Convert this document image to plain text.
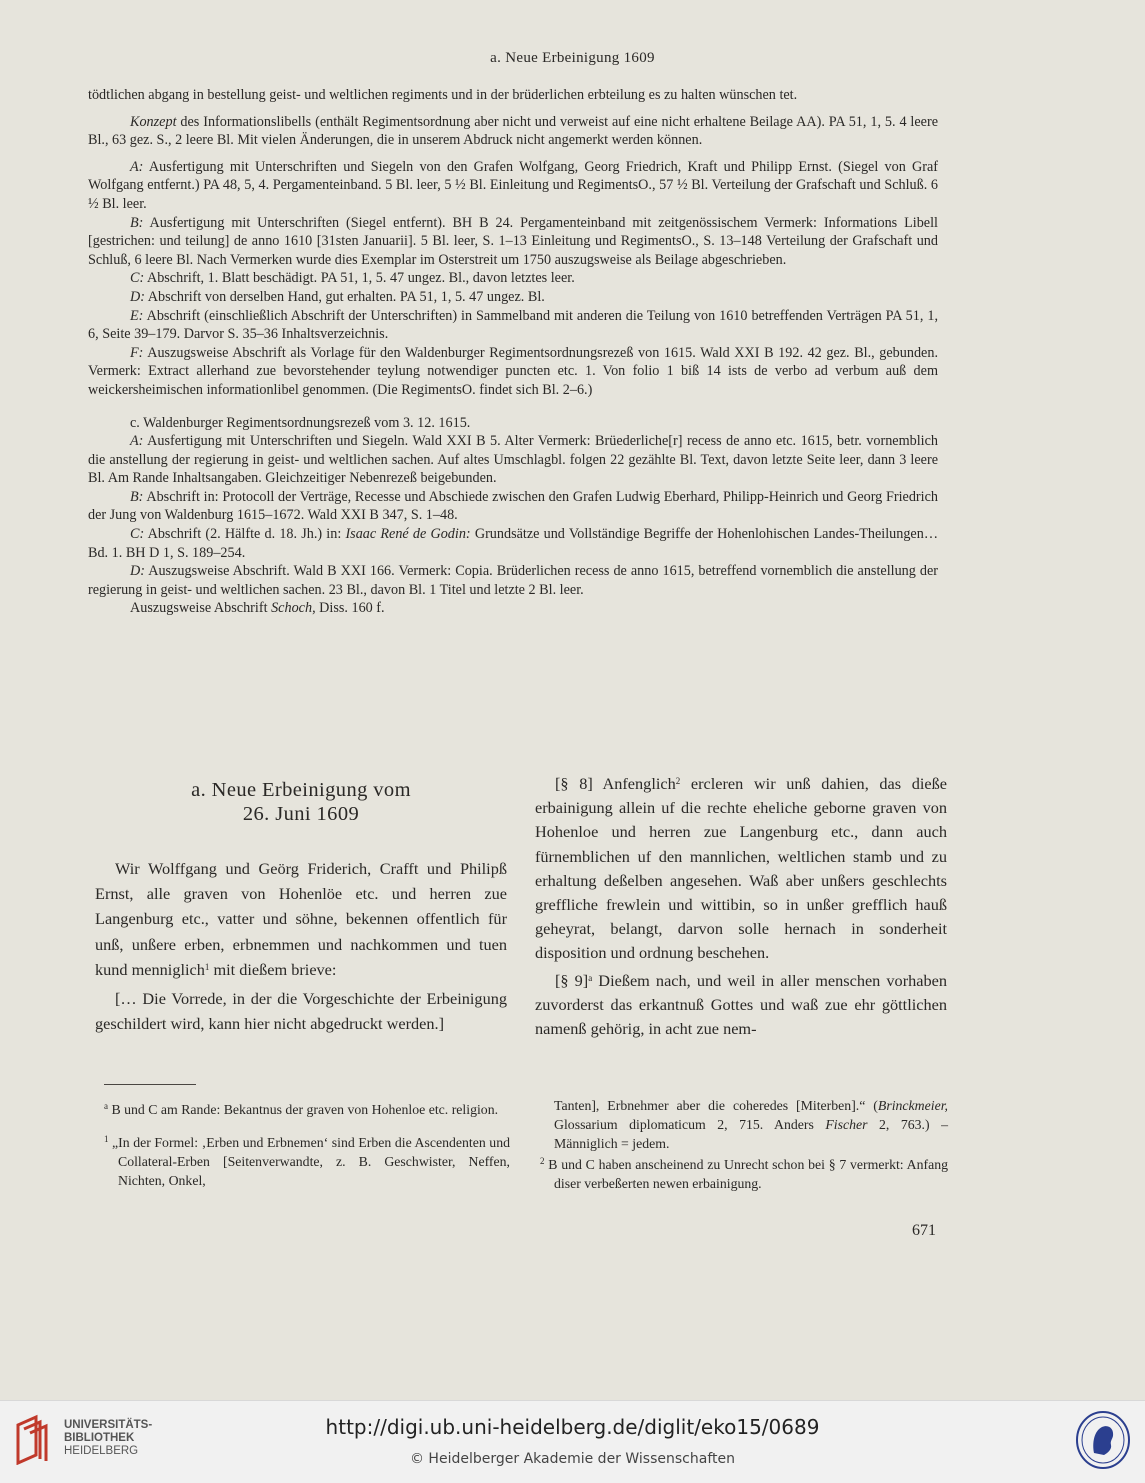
a. Neue Erbeinigung 1609

tödtlichen abgang in bestellung geist- und weltlichen regiments und in der brüderlichen erbteilung es zu halten wünschen tet.

Konzept des Informationslibells (enthält Regimentsordnung aber nicht und verweist auf eine nicht erhaltene Beilage AA). PA 51, 1, 5. 4 leere Bl., 63 gez. S., 2 leere Bl. Mit vielen Änderungen, die in unserem Abdruck nicht angemerkt werden können.

A: Ausfertigung mit Unterschriften und Siegeln von den Grafen Wolfgang, Georg Friedrich, Kraft und Philipp Ernst. (Siegel von Graf Wolfgang entfernt.) PA 48, 5, 4. Pergamenteinband. 5 Bl. leer, 5 ½ Bl. Einleitung und RegimentsO., 57 ½ Bl. Verteilung der Grafschaft und Schluß. 6 ½ Bl. leer.

B: Ausfertigung mit Unterschriften (Siegel entfernt). BH B 24. Pergamenteinband mit zeitgenössischem Vermerk: Informations Libell [gestrichen: und teilung] de anno 1610 [31sten Januarii]. 5 Bl. leer, S. 1–13 Einleitung und RegimentsO., S. 13–148 Verteilung der Grafschaft und Schluß, 6 leere Bl. Nach Vermerken wurde dies Exemplar im Osterstreit um 1750 auszugsweise als Beilage abgeschrieben.

C: Abschrift, 1. Blatt beschädigt. PA 51, 1, 5. 47 ungez. Bl., davon letztes leer.

D: Abschrift von derselben Hand, gut erhalten. PA 51, 1, 5. 47 ungez. Bl.

E: Abschrift (einschließlich Abschrift der Unterschriften) in Sammelband mit anderen die Teilung von 1610 betreffenden Verträgen PA 51, 1, 6, Seite 39–179. Darvor S. 35–36 Inhaltsverzeichnis.

F: Auszugsweise Abschrift als Vorlage für den Waldenburger Regimentsordnungsrezeß von 1615. Wald XXI B 192. 42 gez. Bl., gebunden. Vermerk: Extract allerhand zue bevorstehender teylung notwendiger puncten etc. 1. Von folio 1 biß 14 ists de verbo ad verbum auß dem weickersheimischen informationlibel genommen. (Die RegimentsO. findet sich Bl. 2–6.)

c. Waldenburger Regimentsordnungsrezeß vom 3. 12. 1615.

A: Ausfertigung mit Unterschriften und Siegeln. Wald XXI B 5. Alter Vermerk: Brüederliche[r] recess de anno etc. 1615, betr. vornemblich die anstellung der regierung in geist- und weltlichen sachen. Auf altes Umschlagbl. folgen 22 gezählte Bl. Text, davon letzte Seite leer, dann 3 leere Bl. Am Rande Inhaltsangaben. Gleichzeitiger Nebenrezeß beigebunden.

B: Abschrift in: Protocoll der Verträge, Recesse und Abschiede zwischen den Grafen Ludwig Eberhard, Philipp-Heinrich und Georg Friedrich der Jung von Waldenburg 1615–1672. Wald XXI B 347, S. 1–48.

C: Abschrift (2. Hälfte d. 18. Jh.) in: Isaac René de Godin: Grundsätze und Vollständige Begriffe der Hohenlohischen Landes-Theilungen… Bd. 1. BH D 1, S. 189–254.

D: Auszugsweise Abschrift. Wald B XXI 166. Vermerk: Copia. Brüderlichen recess de anno 1615, betreffend vornemblich die anstellung der regierung in geist- und weltlichen sachen. 23 Bl., davon Bl. 1 Titel und letzte 2 Bl. leer.

Auszugsweise Abschrift Schoch, Diss. 160 f.

a. Neue Erbeinigung vom
26. Juni 1609

Wir Wolffgang und Geörg Friderich, Crafft und Philipß Ernst, alle graven von Hohenlöe etc. und herren zue Langenburg etc., vatter und söhne, bekennen offentlich für unß, unßere erben, erbnemmen und nachkommen und tuen kund menniglich$^1$ mit dießem brieve:

[… Die Vorrede, in der die Vorgeschichte der Erbeinigung geschildert wird, kann hier nicht abgedruckt werden.]

[§ 8] Anfenglich$^2$ ercleren wir unß dahien, das dieße erbainigung allein uf die rechte eheliche geborne graven von Hohenloe und herren zue Langenburg etc., dann auch fürnemblichen uf den mannlichen, weltlichen stamb und zu erhaltung deßelben angesehen. Waß aber unßers geschlechts greffliche frewlein und wittibin, so in unßer grefflich hauß geheyrat, belangt, darvon solle hernach in sonderheit disposition und ordnung beschehen.

[§ 9]$^a$ Dießem nach, und weil in aller menschen vorhaben zuvorderst das erkantnuß Gottes und waß zue ehr göttlichen namenß gehörig, in acht zue nem-

$^a$ B und C am Rande: Bekantnus der graven von Hohenloe etc. religion.

$^1$ „In der Formel: ‚Erben und Erbnemen‘ sind Erben die Ascendenten und Collateral-Erben [Seitenverwandte, z. B. Geschwister, Neffen, Nichten, Onkel,

Tanten], Erbnehmer aber die coheredes [Miterben].“ (Brinckmeier, Glossarium diplomaticum 2, 715. Anders Fischer 2, 763.) – Männiglich = jedem.

$^2$ B und C haben anscheinend zu Unrecht schon bei § 7 vermerkt: Anfang diser verbeßerten newen erbainigung.

671
UNIVERSITÄTS-
BIBLIOTHEK
HEIDELBERG
http://digi.ub.uni-heidelberg.de/diglit/eko15/0689
© Heidelberger Akademie der Wissenschaften
